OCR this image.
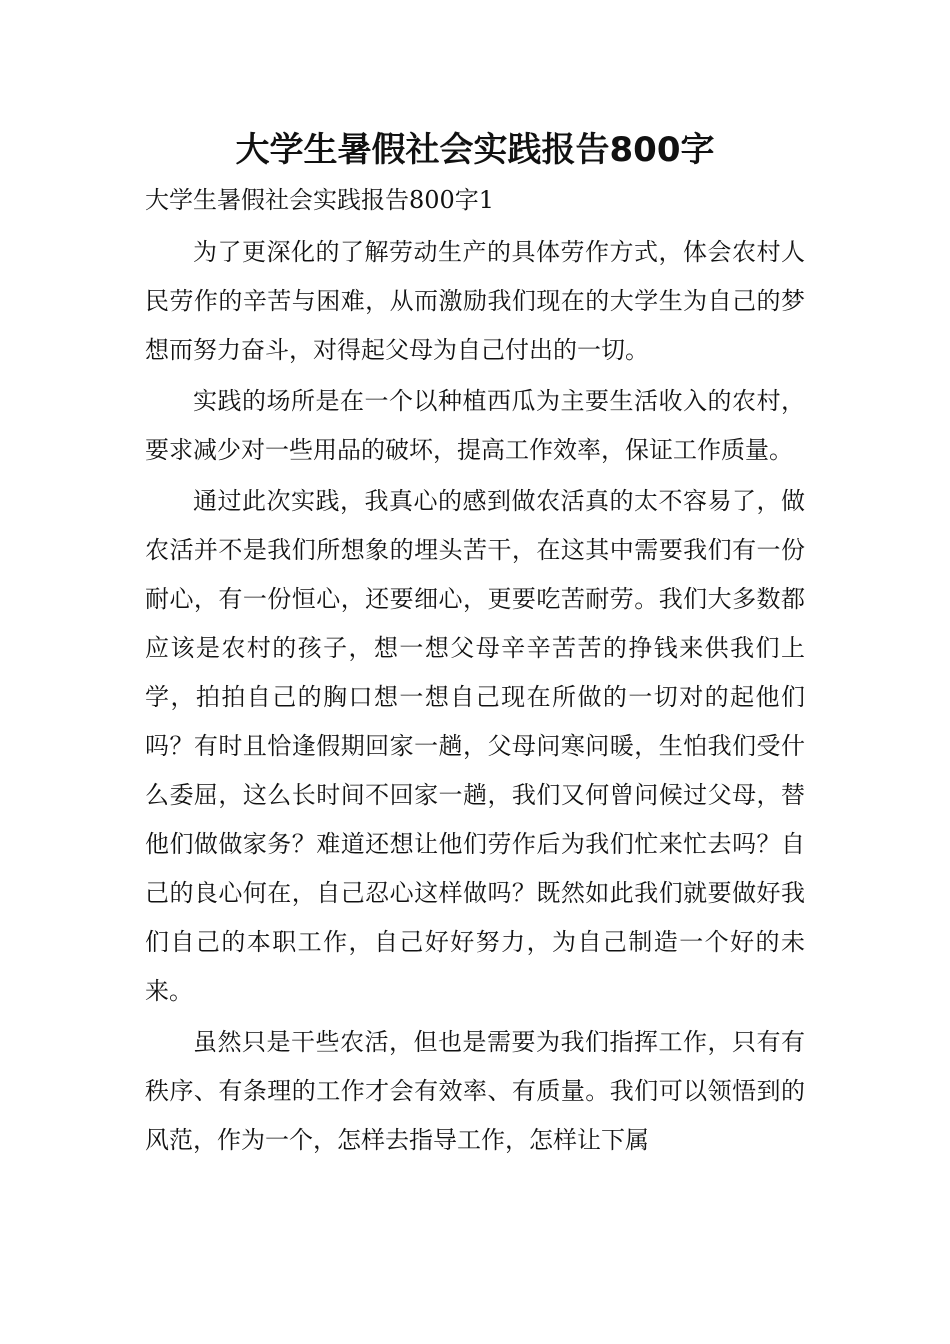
大学生暑假社会实践报告800字
大学生暑假社会实践报告800字1

为了更深化的了解劳动生产的具体劳作方式，体会农村人民劳作的辛苦与困难，从而激励我们现在的大学生为自己的梦想而努力奋斗，对得起父母为自己付出的一切。

实践的场所是在一个以种植西瓜为主要生活收入的农村，要求减少对一些用品的破坏，提高工作效率，保证工作质量。

通过此次实践，我真心的感到做农活真的太不容易了，做农活并不是我们所想象的埋头苦干，在这其中需要我们有一份耐心，有一份恒心，还要细心，更要吃苦耐劳。我们大多数都应该是农村的孩子，想一想父母辛辛苦苦的挣钱来供我们上学，拍拍自己的胸口想一想自己现在所做的一切对的起他们吗？有时且恰逢假期回家一趟，父母问寒问暖，生怕我们受什么委屈，这么长时间不回家一趟，我们又何曾问候过父母，替他们做做家务？难道还想让他们劳作后为我们忙来忙去吗？自己的良心何在，自己忍心这样做吗？既然如此我们就要做好我们自己的本职工作，自己好好努力，为自己制造一个好的未来。

虽然只是干些农活，但也是需要为我们指挥工作，只有有秩序、有条理的工作才会有效率、有质量。我们可以领悟到的风范，作为一个，怎样去指导工作，怎样让下属
